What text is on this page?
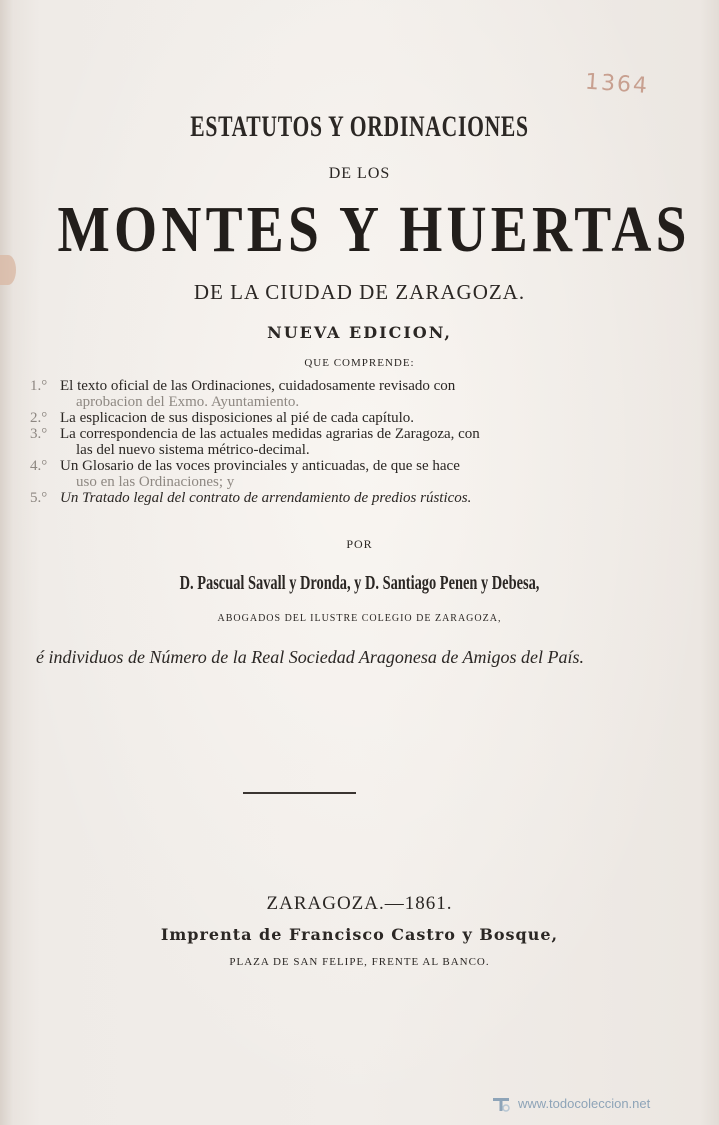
1364
ESTATUTOS Y ORDINACIONES
DE LOS
MONTES Y HUERTAS
DE LA CIUDAD DE ZARAGOZA.
NUEVA EDICION,
QUE COMPRENDE:
1.° El texto oficial de las Ordinaciones, cuidadosamente revisado con
aprobacion del Exmo. Ayuntamiento.
2.° La esplicacion de sus disposiciones al pié de cada capítulo.
3.° La correspondencia de las actuales medidas agrarias de Zaragoza, con
las del nuevo sistema métrico-decimal.
4.° Un Glosario de las voces provinciales y anticuadas, de que se hace
uso en las Ordinaciones; y
5.° Un Tratado legal del contrato de arrendamiento de predios rústicos.
POR
D. Pascual Savall y Dronda, y D. Santiago Penen y Debesa,
ABOGADOS DEL ILUSTRE COLEGIO DE ZARAGOZA,
é individuos de Número de la Real Sociedad Aragonesa de Amigos del País.
ZARAGOZA.—1861.
Imprenta de Francisco Castro y Bosque,
PLAZA DE SAN FELIPE, FRENTE AL BANCO.
www.todocoleccion.net
